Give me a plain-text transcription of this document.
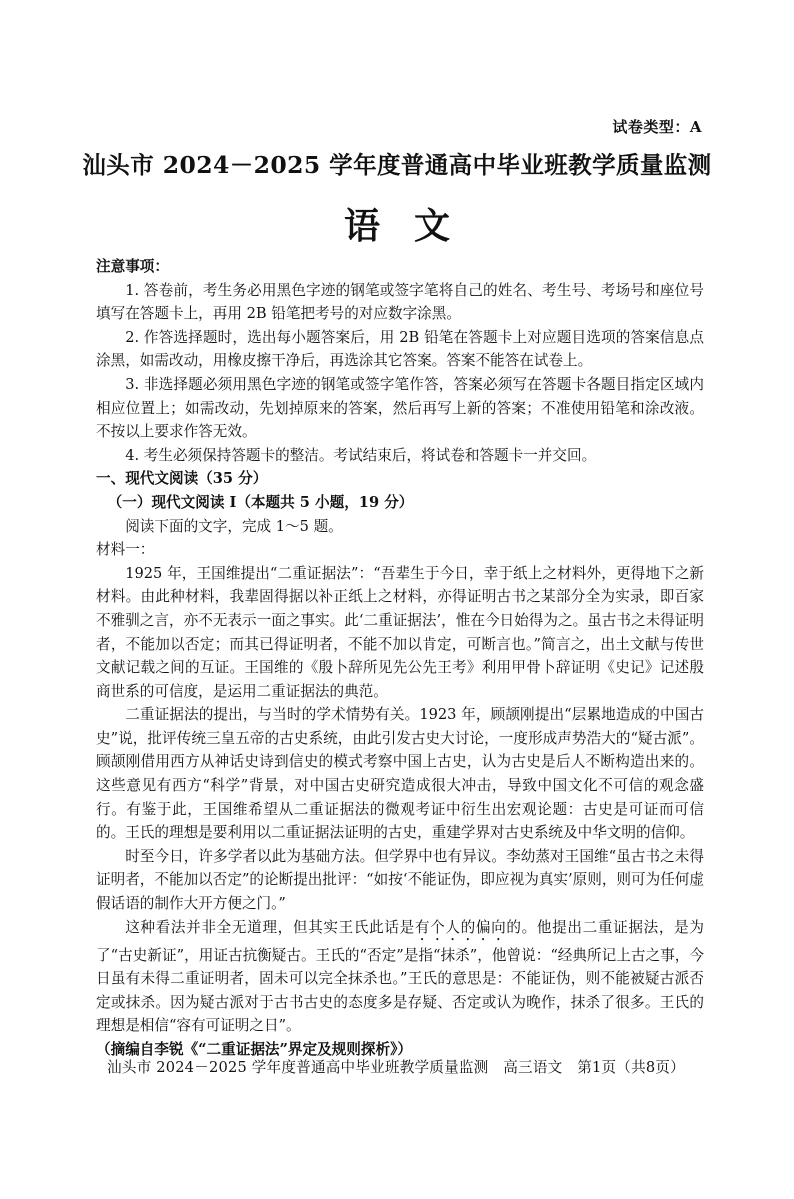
试卷类型：A
汕头市 2024－2025 学年度普通高中毕业班教学质量监测
语文

注意事项：

1. 答卷前，考生务必用黑色字迹的钢笔或签字笔将自己的姓名、考生号、考场号和座位号填写在答题卡上，再用 2B 铅笔把考号的对应数字涂黑。

2. 作答选择题时，选出每小题答案后，用 2B 铅笔在答题卡上对应题目选项的答案信息点涂黑，如需改动，用橡皮擦干净后，再选涂其它答案。答案不能答在试卷上。

3. 非选择题必须用黑色字迹的钢笔或签字笔作答，答案必须写在答题卡各题目指定区域内相应位置上；如需改动，先划掉原来的答案，然后再写上新的答案；不准使用铅笔和涂改液。不按以上要求作答无效。

4. 考生必须保持答题卡的整洁。考试结束后，将试卷和答题卡一并交回。

一、现代文阅读（35 分）

（一）现代文阅读 I（本题共 5 小题，19 分）

阅读下面的文字，完成 1～5 题。

材料一：

1925 年，王国维提出“二重证据法”：“吾辈生于今日，幸于纸上之材料外，更得地下之新材料。由此种材料，我辈固得据以补正纸上之材料，亦得证明古书之某部分全为实录，即百家不雅驯之言，亦不无表示一面之事实。此‘二重证据法’，惟在今日始得为之。虽古书之未得证明者，不能加以否定；而其已得证明者，不能不加以肯定，可断言也。”简言之，出土文献与传世文献记载之间的互证。王国维的《殷卜辞所见先公先王考》利用甲骨卜辞证明《史记》记述殷商世系的可信度，是运用二重证据法的典范。

二重证据法的提出，与当时的学术情势有关。1923 年，顾颉刚提出“层累地造成的中国古史”说，批评传统三皇五帝的古史系统，由此引发古史大讨论，一度形成声势浩大的“疑古派”。顾颉刚借用西方从神话史诗到信史的模式考察中国上古史，认为古史是后人不断构造出来的。这些意见有西方“科学”背景，对中国古史研究造成很大冲击，导致中国文化不可信的观念盛行。有鉴于此，王国维希望从二重证据法的微观考证中衍生出宏观论题：古史是可证而可信的。王氏的理想是要利用以二重证据法证明的古史，重建学界对古史系统及中华文明的信仰。

时至今日，许多学者以此为基础方法。但学界中也有异议。李幼蒸对王国维“虽古书之未得证明者，不能加以否定”的论断提出批评：“如按‘不能证伪，即应视为真实’原则，则可为任何虚假话语的制作大开方便之门。”

这种看法并非全无道理，但其实王氏此话是有个人的偏向的。他提出二重证据法，是为了“古史新证”，用证古抗衡疑古。王氏的“否定”是指“抹杀”，他曾说：“经典所记上古之事，今日虽有未得二重证明者，固未可以完全抹杀也。”王氏的意思是：不能证伪，则不能被疑古派否定或抹杀。因为疑古派对于古书古史的态度多是存疑、否定或认为晚作，抹杀了很多。王氏的理想是相信“容有可证明之日”。

（摘编自李锐《“二重证据法”界定及规则探析》）

汕头市 2024－2025 学年度普通高中毕业班教学质量监测　高三语文　第1页（共8页）
